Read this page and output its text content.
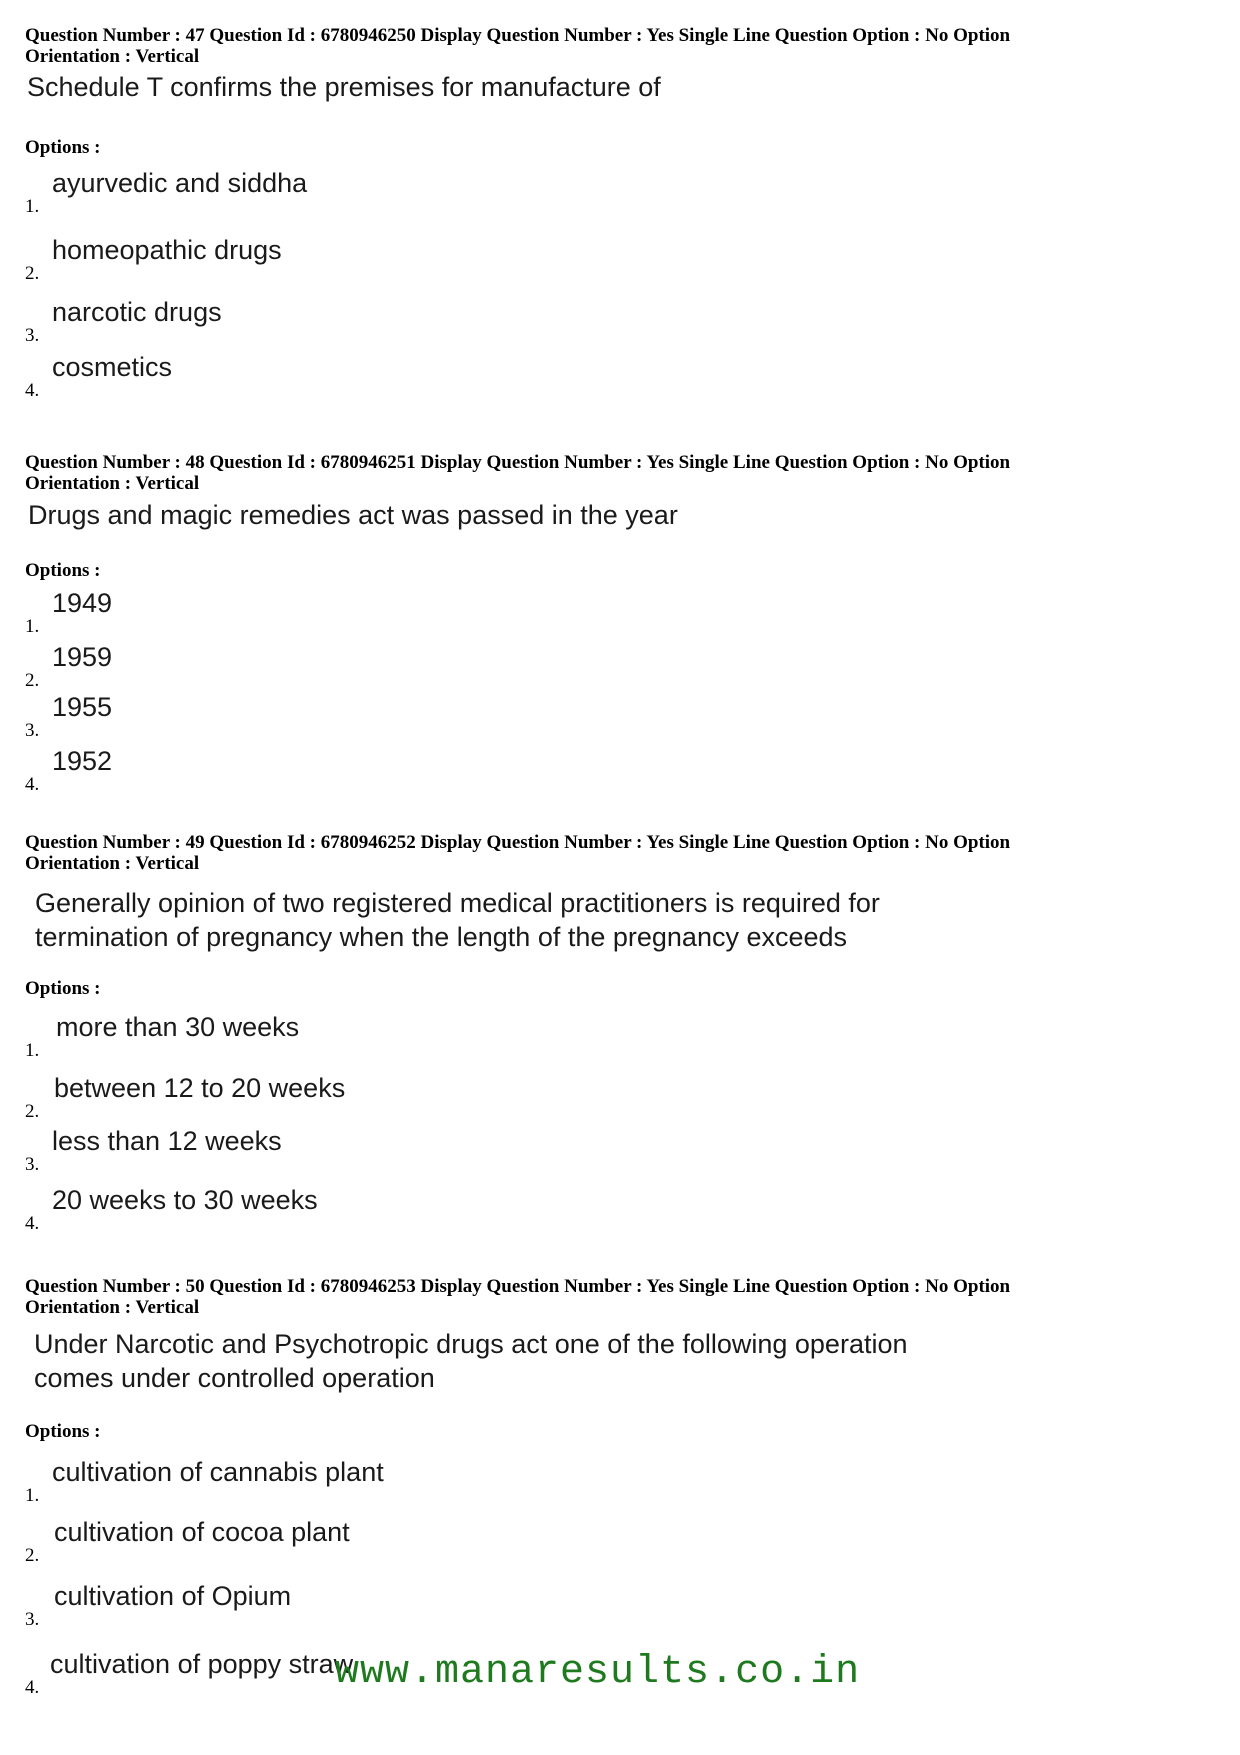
Question Number : 47 Question Id : 6780946250 Display Question Number : Yes Single Line Question Option : No Option
Orientation : Vertical

Schedule T confirms the premises for manufacture of

Options :

1.
ayurvedic and siddha
2.
homeopathic drugs
3.
narcotic drugs
4.
cosmetics

Question Number : 48 Question Id : 6780946251 Display Question Number : Yes Single Line Question Option : No Option
Orientation : Vertical

Drugs and magic remedies act was passed in the year

Options :

1.
1949
2.
1959
3.
1955
4.
1952

Question Number : 49 Question Id : 6780946252 Display Question Number : Yes Single Line Question Option : No Option
Orientation : Vertical

Generally opinion of two registered medical practitioners is required for
termination of pregnancy when the length of the pregnancy exceeds

Options :

1.
more than 30 weeks
2.
between 12 to 20 weeks
3.
less than 12 weeks
4.
20 weeks to 30 weeks

Question Number : 50 Question Id : 6780946253 Display Question Number : Yes Single Line Question Option : No Option
Orientation : Vertical

Under Narcotic and Psychotropic drugs act one of the following operation
comes under controlled operation

Options :

1.
cultivation of cannabis plant
2.
cultivation of cocoa plant
3.
cultivation of Opium
4.
cultivation of poppy straw
www.manaresults.co.in
